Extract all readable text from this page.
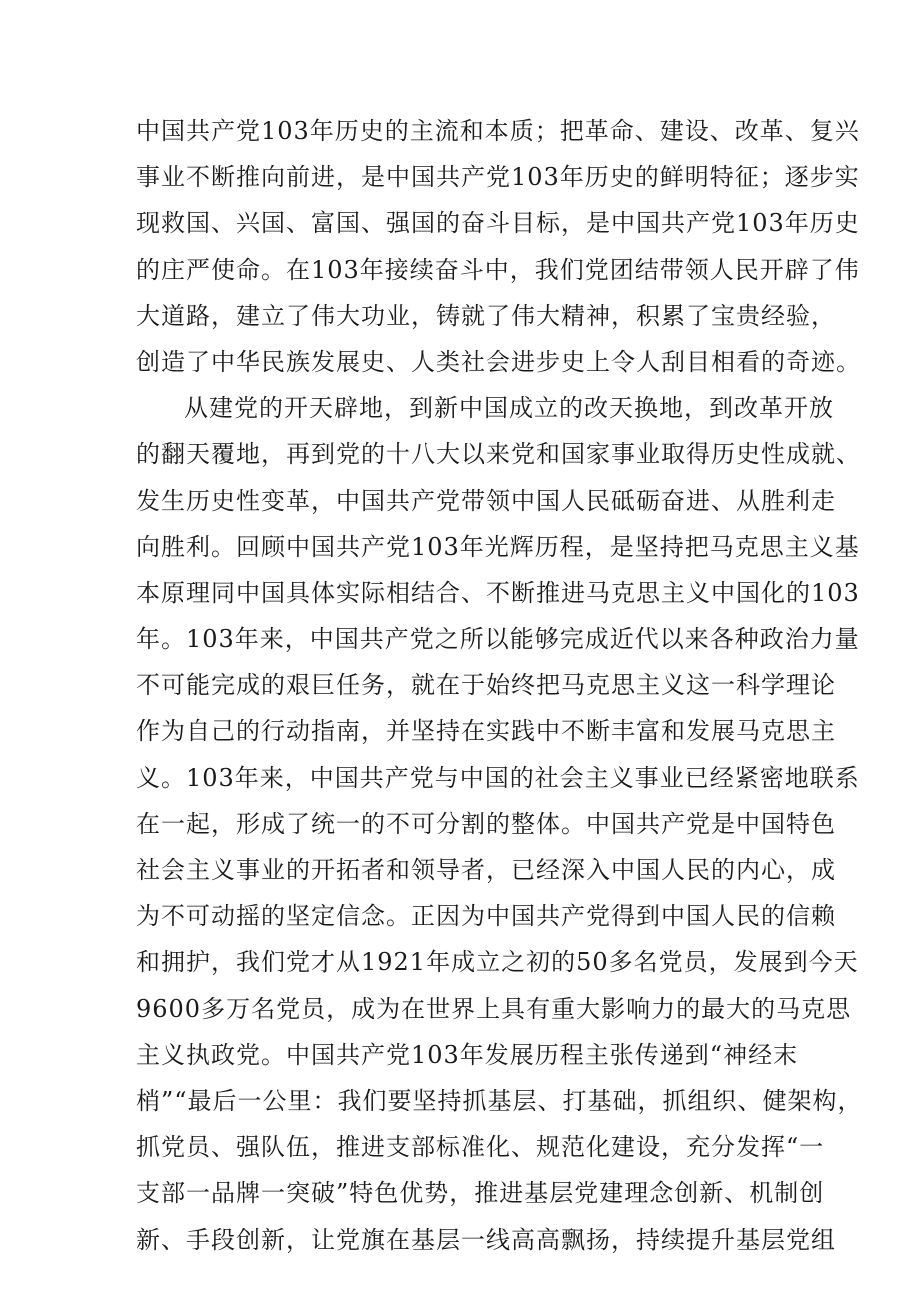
中国共产党103年历史的主流和本质；把革命、建设、改革、复兴
事业不断推向前进，是中国共产党103年历史的鲜明特征；逐步实
现救国、兴国、富国、强国的奋斗目标，是中国共产党103年历史
的庄严使命。在103年接续奋斗中，我们党团结带领人民开辟了伟
大道路，建立了伟大功业，铸就了伟大精神，积累了宝贵经验，
创造了中华民族发展史、人类社会进步史上令人刮目相看的奇迹。
从建党的开天辟地，到新中国成立的改天换地，到改革开放
的翻天覆地，再到党的十八大以来党和国家事业取得历史性成就、
发生历史性变革，中国共产党带领中国人民砥砺奋进、从胜利走
向胜利。回顾中国共产党103年光辉历程，是坚持把马克思主义基
本原理同中国具体实际相结合、不断推进马克思主义中国化的103
年。103年来，中国共产党之所以能够完成近代以来各种政治力量
不可能完成的艰巨任务，就在于始终把马克思主义这一科学理论
作为自己的行动指南，并坚持在实践中不断丰富和发展马克思主
义。103年来，中国共产党与中国的社会主义事业已经紧密地联系
在一起，形成了统一的不可分割的整体。中国共产党是中国特色
社会主义事业的开拓者和领导者，已经深入中国人民的内心，成
为不可动摇的坚定信念。正因为中国共产党得到中国人民的信赖
和拥护，我们党才从1921年成立之初的50多名党员，发展到今天
9600多万名党员，成为在世界上具有重大影响力的最大的马克思
主义执政党。中国共产党103年发展历程主张传递到“神经末
梢”“最后一公里：我们要坚持抓基层、打基础，抓组织、健架构，
抓党员、强队伍，推进支部标准化、规范化建设，充分发挥“一
支部一品牌一突破”特色优势，推进基层党建理念创新、机制创
新、手段创新，让党旗在基层一线高高飘扬，持续提升基层党组
